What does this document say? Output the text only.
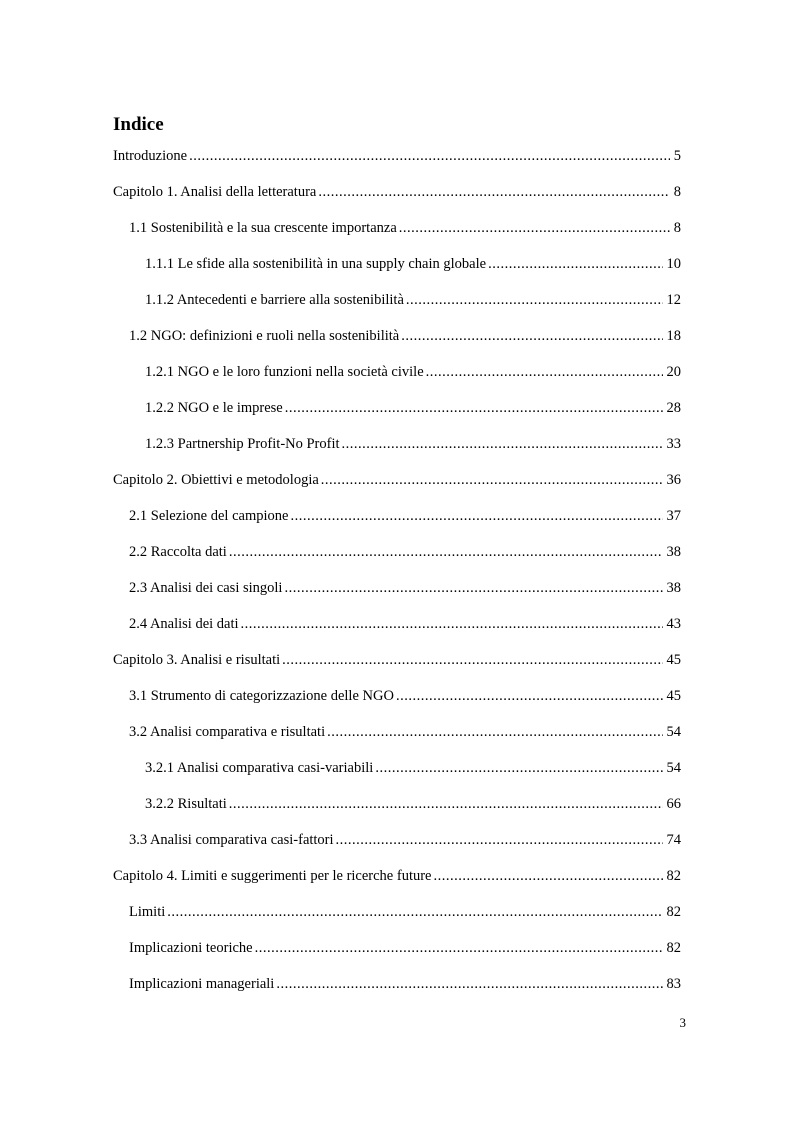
Indice
Introduzione .....	5
Capitolo 1. Analisi della letteratura .....	8
1.1 Sostenibilità e la sua crescente importanza .....	8
1.1.1 Le sfide alla sostenibilità in una supply chain globale .....	10
1.1.2 Antecedenti e barriere alla sostenibilità .....	12
1.2 NGO: definizioni e ruoli nella sostenibilità .....	18
1.2.1 NGO e le loro funzioni nella società civile .....	20
1.2.2 NGO e le imprese .....	28
1.2.3 Partnership Profit-No Profit .....	33
Capitolo 2. Obiettivi e metodologia .....	36
2.1 Selezione del campione .....	37
2.2 Raccolta dati .....	38
2.3 Analisi dei casi singoli .....	38
2.4 Analisi dei dati .....	43
Capitolo 3. Analisi e risultati .....	45
3.1 Strumento di categorizzazione delle NGO .....	45
3.2 Analisi comparativa e risultati .....	54
3.2.1 Analisi comparativa casi-variabili .....	54
3.2.2 Risultati .....	66
3.3 Analisi comparativa casi-fattori .....	74
Capitolo 4. Limiti e suggerimenti per le ricerche future .....	82
Limiti .....	82
Implicazioni teoriche .....	82
Implicazioni manageriali .....	83
3
